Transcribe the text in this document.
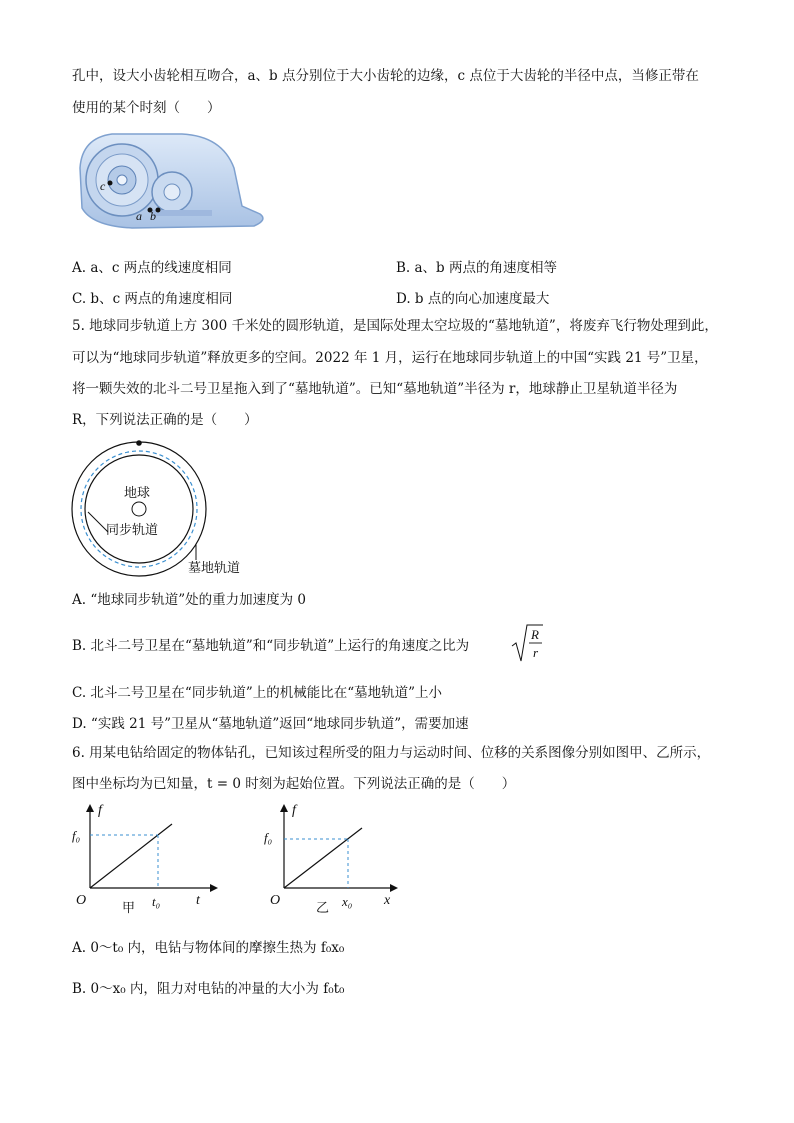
孔中，设大小齿轮相互吻合，a、b 点分别位于大小齿轮的边缘，c 点位于大齿轮的半径中点，当修正带在
使用的某个时刻（　　）
c
a b
A. a、c 两点的线速度相同	B. a、b 两点的角速度相等
C. b、c 两点的角速度相同	D. b 点的向心加速度最大
5. 地球同步轨道上方 300 千米处的圆形轨道，是国际处理太空垃圾的“墓地轨道”，将废弃飞行物处理到此，
可以为“地球同步轨道”释放更多的空间。2022 年 1 月，运行在地球同步轨道上的中国“实践 21 号”卫星，
将一颗失效的北斗二号卫星拖入到了“墓地轨道”。已知“墓地轨道”半径为 r，地球静止卫星轨道半径为
R，下列说法正确的是（　　）
地球
同步轨道
墓地轨道
A. “地球同步轨道”处的重力加速度为 0
B. 北斗二号卫星在“墓地轨道”和“同步轨道”上运行的角速度之比为
R
r
C. 北斗二号卫星在“同步轨道”上的机械能比在“墓地轨道”上小
D. “实践 21 号”卫星从“墓地轨道”返回“地球同步轨道”，需要加速
6. 用某电钻给固定的物体钻孔，已知该过程所受的阻力与运动时间、位移的关系图像分别如图甲、乙所示，
图中坐标均为已知量，t = 0 时刻为起始位置。下列说法正确的是（　　）
f
f₀
O	t₀	t
甲
f
f₀
O	x₀ x
乙
A. 0～t₀ 内，电钻与物体间的摩擦生热为 f₀x₀
B. 0～x₀ 内，阻力对电钻的冲量的大小为 f₀t₀
